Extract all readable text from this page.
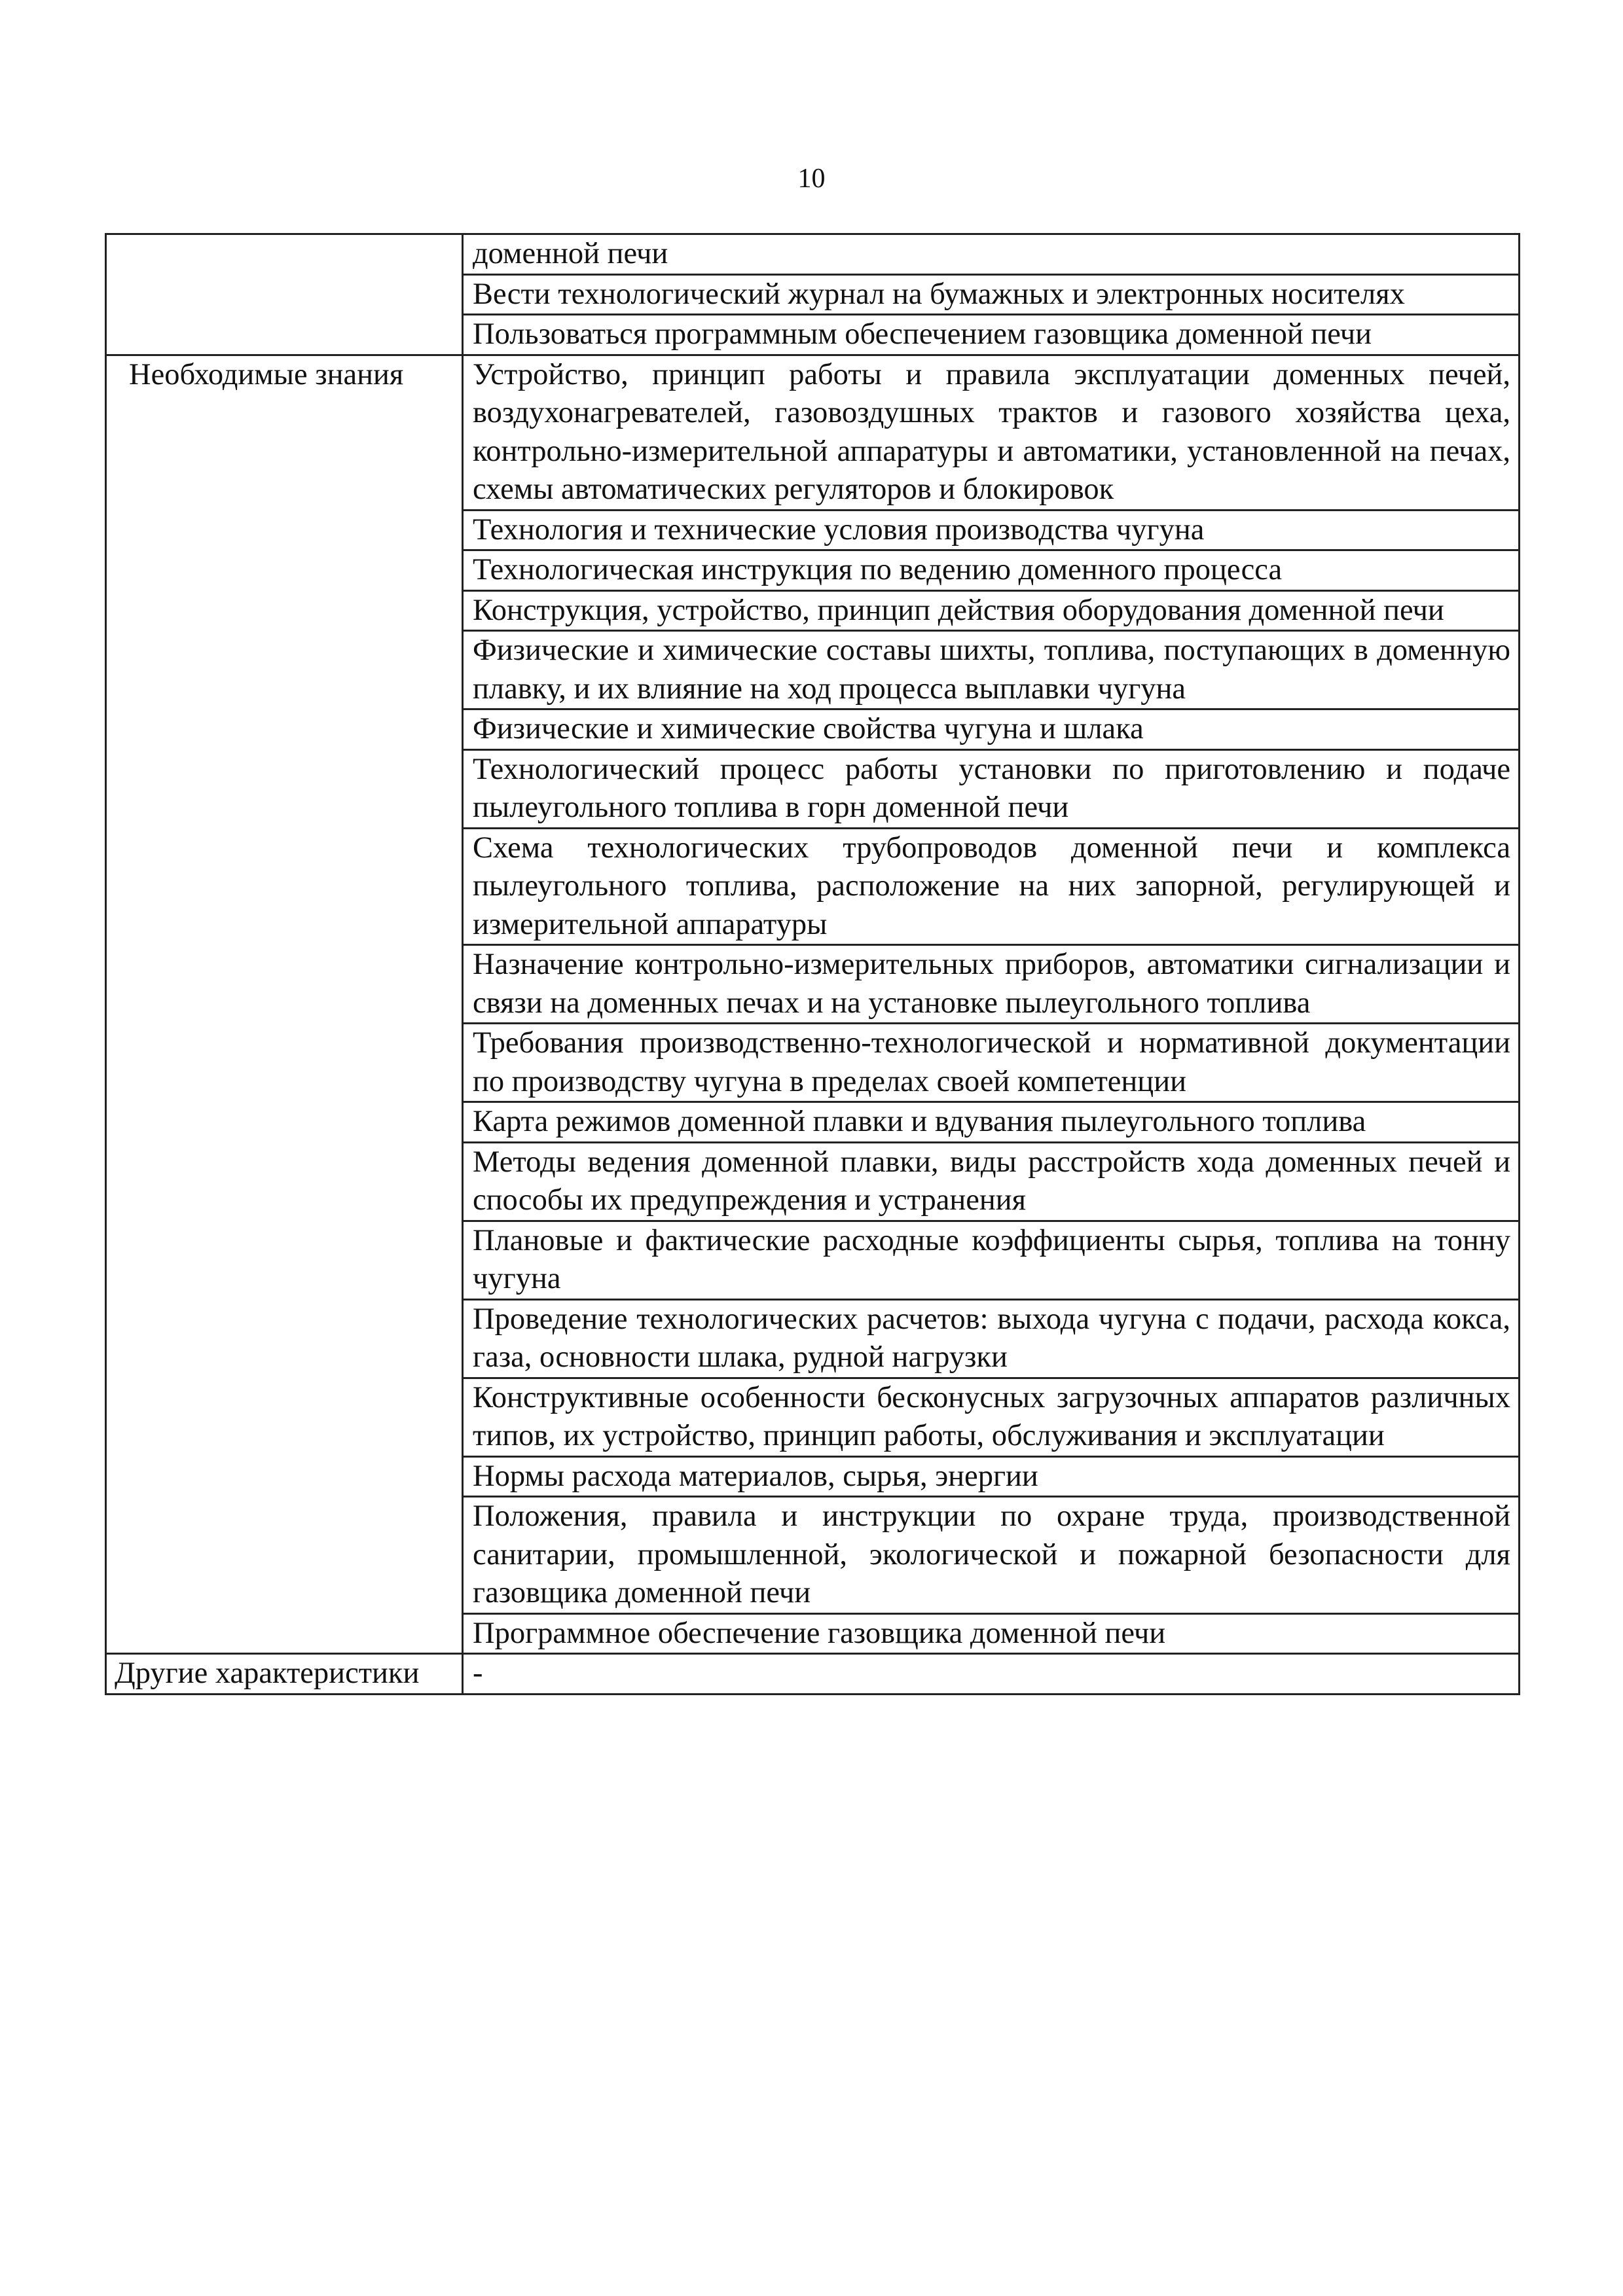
10
	доменной печи
	Вести технологический журнал на бумажных и электронных носителях
	Пользоваться программным обеспечением газовщика доменной печи
Необходимые знания	Устройство, принцип работы и правила эксплуатации доменных печей, воздухонагревателей, газовоздушных трактов и газового хозяйства цеха, контрольно-измерительной аппаратуры и автоматики, установленной на печах, схемы автоматических регуляторов и блокировок
	Технология и технические условия производства чугуна
	Технологическая инструкция по ведению доменного процесса
	Конструкция, устройство, принцип действия оборудования доменной печи
	Физические и химические составы шихты, топлива, поступающих в доменную плавку, и их влияние на ход процесса выплавки чугуна
	Физические и химические свойства чугуна и шлака
	Технологический процесс работы установки по приготовлению и подаче пылеугольного топлива в горн доменной печи
	Схема технологических трубопроводов доменной печи и комплекса пылеугольного топлива, расположение на них запорной, регулирующей и измерительной аппаратуры
	Назначение контрольно-измерительных приборов, автоматики сигнализации и связи на доменных печах и на установке пылеугольного топлива
	Требования производственно-технологической и нормативной документации по производству чугуна в пределах своей компетенции
	Карта режимов доменной плавки и вдувания пылеугольного топлива
	Методы ведения доменной плавки, виды расстройств хода доменных печей и способы их предупреждения и устранения
	Плановые и фактические расходные коэффициенты сырья, топлива на тонну чугуна
	Проведение технологических расчетов: выхода чугуна с подачи, расхода кокса, газа, основности шлака, рудной нагрузки
	Конструктивные особенности бесконусных загрузочных аппаратов различных типов, их устройство, принцип работы, обслуживания и эксплуатации
	Нормы расхода материалов, сырья, энергии
	Положения, правила и инструкции по охране труда, производственной санитарии, промышленной, экологической и пожарной безопасности для газовщика доменной печи
	Программное обеспечение газовщика доменной печи
Другие характеристики	-
